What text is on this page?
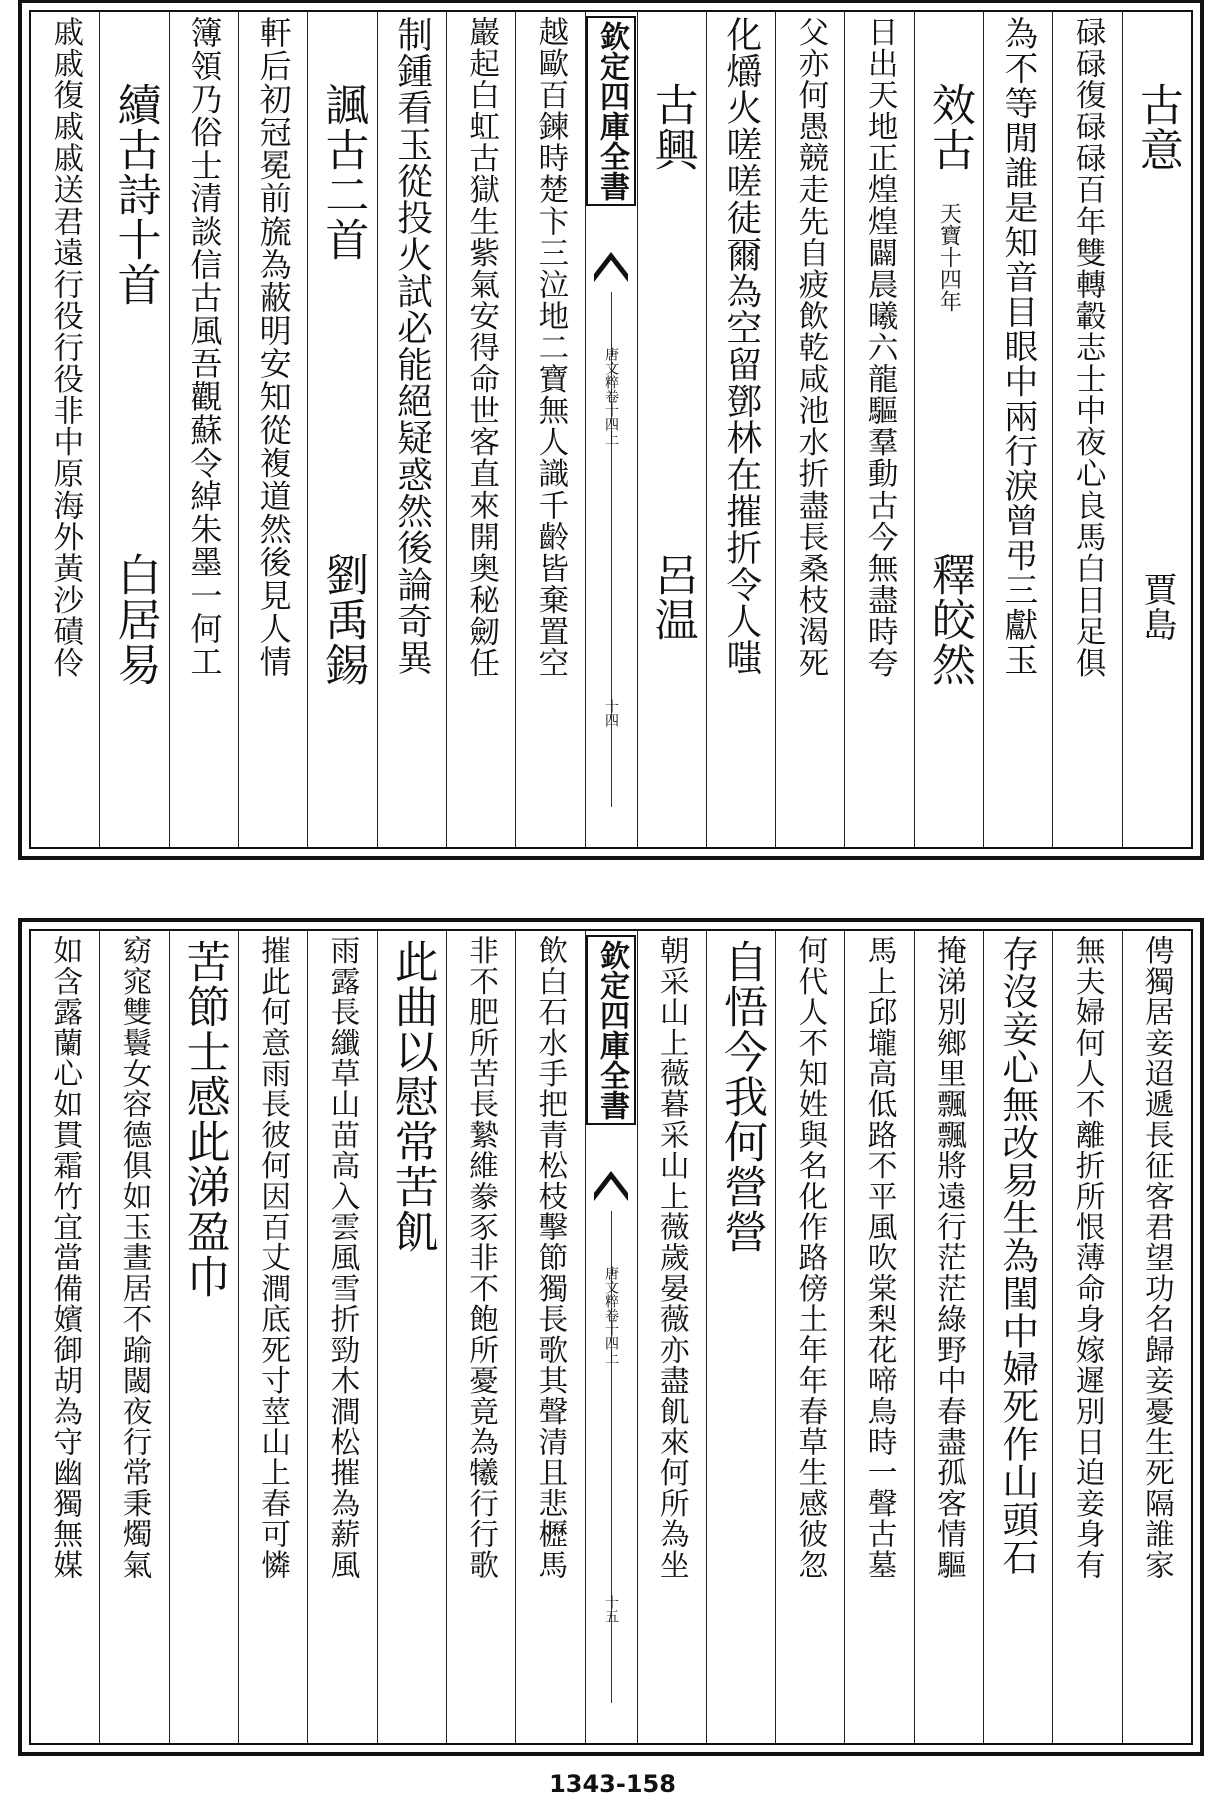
古意
賈島
碌碌復碌碌百年雙轉轂志士中夜心良馬白日足俱
為不等閒誰是知音目眼中兩行淚曾弔三獻玉
效古
天寶十四年
釋皎然
日出天地正煌煌闢晨曦六龍驅羣動古今無盡時夸
父亦何愚競走先自疲飲乾咸池水折盡長桑枝渴死
化爝火嗟嗟徒爾為空留鄧林在摧折令人嗤
古興
呂温
欽定四庫全書
唐文粹卷十四上
十四
越歐百鍊時楚卞三泣地二寶無人識千齡皆棄置空
巖起白虹古獄生紫氣安得命世客直來開奥秘劒任
制鍾看玉從投火試必能絕疑惑然後論奇異
諷古二首
劉禹錫
軒后初冠冕前旒為蔽明安知從複道然後見人情
簿領乃俗士清談信古風吾觀蘇令綽朱墨一何工
續古詩十首
白居易
戚戚復戚戚送君遠行役行役非中原海外黃沙磧伶
俜獨居妾迢遞長征客君望功名歸妾憂生死隔誰家
無夫婦何人不離折所恨薄命身嫁遲別日迫妾身有
存沒妾心無改易生為閨中婦死作山頭石
掩涕別鄉里飄飄將遠行茫茫綠野中春盡孤客情驅
馬上邱壠高低路不平風吹棠梨花啼鳥時一聲古墓
何代人不知姓與名化作路傍土年年春草生感彼忽
自悟今我何營營
朝采山上薇暮采山上薇歲晏薇亦盡飢來何所為坐
欽定四庫全書
唐文粹卷十四上
十五
飲白石水手把青松枝擊節獨長歌其聲清且悲櫪馬
非不肥所苦長縶維豢豕非不飽所憂竟為犧行行歌
此曲以慰常苦飢
雨露長纖草山苗高入雲風雪折勁木澗松摧為薪風
摧此何意雨長彼何因百丈澗底死寸莖山上春可憐
苦節士感此涕盈巾
窈窕雙鬟女容德俱如玉晝居不踰閾夜行常秉燭氣
如含露蘭心如貫霜竹宜當備嬪御胡為守幽獨無媒
1343-158
